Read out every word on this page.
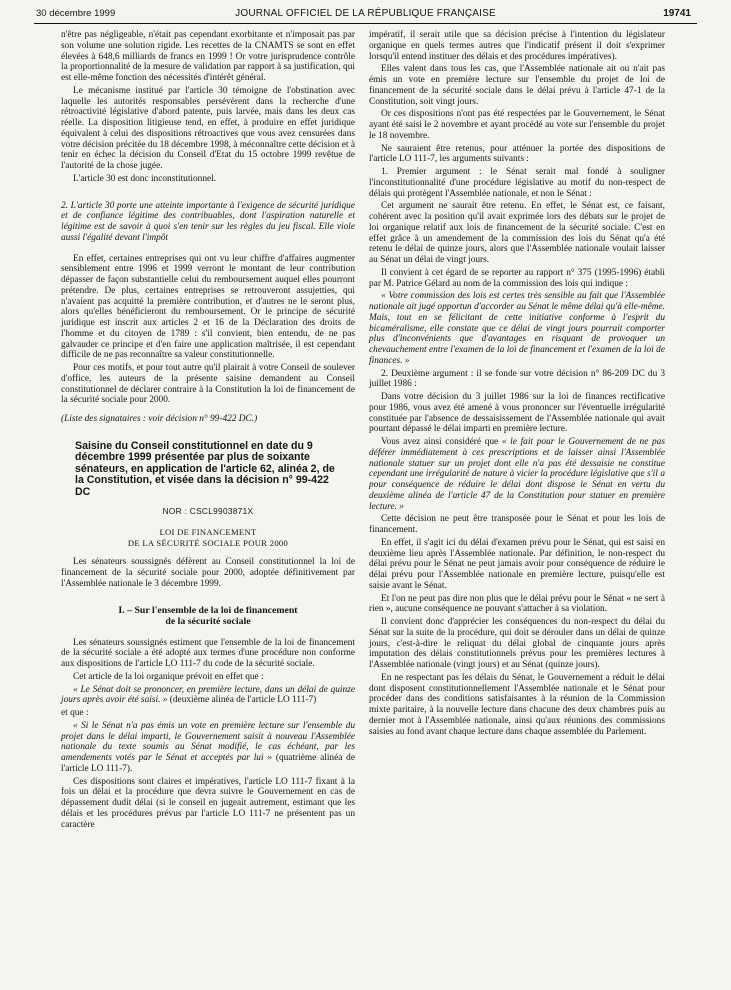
30 décembre 1999	JOURNAL OFFICIEL DE LA RÉPUBLIQUE FRANÇAISE	19741

n'être pas négligeable, n'était pas cependant exorbitante et n'imposait pas par son volume une solution rigide. Les recettes de la CNAMTS se sont en effet élevées à 648,6 milliards de francs en 1999 ! Or votre jurisprudence contrôle la proportionnalité de la mesure de validation par rapport à sa justification, qui est elle-même fonction des nécessités d'intérêt général.

Le mécanisme institué par l'article 30 témoigne de l'obstination avec laquelle les autorités responsables persévèrent dans la recherche d'une rétroactivité législative d'abord patente, puis larvée, mais dans les deux cas réelle. La disposition litigieuse tend, en effet, à produire en effet juridique équivalent à celui des dispositions rétroactives que vous avez censurées dans votre décision précitée du 18 décembre 1998, à méconnaître cette décision et à tenir en échec la décision du Conseil d'Etat du 15 octobre 1999 revêtue de l'autorité de la chose jugée.

L'article 30 est donc inconstitutionnel.

2. L'article 30 porte une atteinte importante à l'exigence de sécurité juridique et de confiance légitime des contribuables, dont l'aspiration naturelle et légitime est de savoir à quoi s'en tenir sur les règles du jeu fiscal. Elle viole aussi l'égalité devant l'impôt

En effet, certaines entreprises qui ont vu leur chiffre d'affaires augmenter sensiblement entre 1996 et 1999 verront le montant de leur contribution dépasser de façon substantielle celui du remboursement auquel elles pourront prétendre. De plus, certaines entreprises se retrouveront assujetties, qui n'avaient pas acquitté la première contribution, et d'autres ne le seront plus, alors qu'elles bénéficieront du remboursement. Or le principe de sécurité juridique est inscrit aux articles 2 et 16 de la Déclaration des droits de l'homme et du citoyen de 1789 : s'il convient, bien entendu, de ne pas galvauder ce principe et d'en faire une application maîtrisée, il est cependant difficile de ne pas reconnaître sa valeur constitutionnelle.

Pour ces motifs, et pour tout autre qu'il plairait à votre Conseil de soulever d'office, les auteurs de la présente saisine demandent au Conseil constitutionnel de déclarer contraire à la Constitution la loi de financement de la sécurité sociale pour 2000.

(Liste des signataires : voir décision n° 99-422 DC.)

Saisine du Conseil constitutionnel en date du 9 décembre 1999 présentée par plus de soixante sénateurs, en application de l'article 62, alinéa 2, de la Constitution, et visée dans la décision n° 99-422 DC
NOR : CSCL9903871X
LOI DE FINANCEMENT
DE LA SÉCURITÉ SOCIALE POUR 2000

Les sénateurs soussignés défèrent au Conseil constitutionnel la loi de financement de la sécurité sociale pour 2000, adoptée définitivement par l'Assemblée nationale le 3 décembre 1999.

I. – Sur l'ensemble de la loi de financement
de la sécurité sociale

Les sénateurs soussignés estiment que l'ensemble de la loi de financement de la sécurité sociale a été adopté aux termes d'une procédure non conforme aux dispositions de l'article LO 111-7 du code de la sécurité sociale.

Cet article de la loi organique prévoit en effet que :

« Le Sénat doit se prononcer, en première lecture, dans un délai de quinze jours après avoir été saisi. » (deuxième alinéa de l'article LO 111-7)

et que :

« Si le Sénat n'a pas émis un vote en première lecture sur l'ensemble du projet dans le délai imparti, le Gouvernement saisit à nouveau l'Assemblée nationale du texte soumis au Sénat modifié, le cas échéant, par les amendements votés par le Sénat et acceptés par lui » (quatrième alinéa de l'article LO 111-7).

Ces dispositions sont claires et impératives, l'article LO 111-7 fixant à la fois un délai et la procédure que devra suivre le Gouvernement en cas de dépassement dudit délai (si le conseil en jugeait autrement, estimant que les délais et les procédures prévus par l'article LO 111-7 ne présentent pas un caractère

impératif, il serait utile que sa décision précise à l'intention du législateur organique en quels termes autres que l'indicatif présent il doit s'exprimer lorsqu'il entend instituer des délais et des procédures impératives).

Elles valent dans tous les cas, que l'Assemblée nationale ait ou n'ait pas émis un vote en première lecture sur l'ensemble du projet de loi de financement de la sécurité sociale dans le délai prévu à l'article 47-1 de la Constitution, soit vingt jours.

Or ces dispositions n'ont pas été respectées par le Gouvernement, le Sénat ayant été saisi le 2 novembre et ayant procédé au vote sur l'ensemble du projet le 18 novembre.

Ne sauraient être retenus, pour atténuer la portée des dispositions de l'article LO 111-7, les arguments suivants :

1. Premier argument : le Sénat serait mal fondé à souligner l'inconstitutionnalité d'une procédure législative au motif du non-respect de délais qui protègent l'Assemblée nationale, et non le Sénat :

Cet argument ne saurait être retenu. En effet, le Sénat est, ce faisant, cohérent avec la position qu'il avait exprimée lors des débats sur le projet de loi organique relatif aux lois de financement de la sécurité sociale. C'est en effet grâce à un amendement de la commission des lois du Sénat qu'a été retenu le délai de quinze jours, alors que l'Assemblée nationale voulait laisser au Sénat un délai de vingt jours.

Il convient à cet égard de se reporter au rapport n° 375 (1995-1996) établi par M. Patrice Gélard au nom de la commission des lois qui indique :

« Votre commission des lois est certes très sensible au fait que l'Assemblée nationale ait jugé opportun d'accorder au Sénat le même délai qu'à elle-même. Mais, tout en se félicitant de cette initiative conforme à l'esprit du bicaméralisme, elle constate que ce délai de vingt jours pourrait comporter plus d'inconvénients que d'avantages en risquant de provoquer un chevauchement entre l'examen de la loi de financement et l'examen de la loi de finances. »

2. Deuxième argument : il se fonde sur votre décision n° 86-209 DC du 3 juillet 1986 :

Dans votre décision du 3 juillet 1986 sur la loi de finances rectificative pour 1986, vous avez été amené à vous prononcer sur l'éventuelle irrégularité constituée par l'absence de dessaisissement de l'Assemblée nationale qui avait pourtant dépassé le délai imparti en première lecture.

Vous avez ainsi considéré que « le fait pour le Gouvernement de ne pas déférer immédiatement à ces prescriptions et de laisser ainsi l'Assemblée nationale statuer sur un projet dont elle n'a pas été dessaisie ne constitue cependant une irrégularité de nature à vicier la procédure législative que s'il a pour conséquence de réduire le délai dont dispose le Sénat en vertu du deuxième alinéa de l'article 47 de la Constitution pour statuer en première lecture. »

Cette décision ne peut être transposée pour le Sénat et pour les lois de financement.

En effet, il s'agit ici du délai d'examen prévu pour le Sénat, qui est saisi en deuxième lieu après l'Assemblée nationale. Par définition, le non-respect du délai prévu pour le Sénat ne peut jamais avoir pour conséquence de réduire le délai prévu pour l'Assemblée nationale en première lecture, puisqu'elle est saisie avant le Sénat.

Et l'on ne peut pas dire non plus que le délai prévu pour le Sénat « ne sert à rien », aucune conséquence ne pouvant s'attacher à sa violation.

Il convient donc d'apprécier les conséquences du non-respect du délai du Sénat sur la suite de la procédure, qui doit se dérouler dans un délai de quinze jours, c'est-à-dire le reliquat du délai global de cinquante jours après imputation des délais constitutionnels prévus pour les premières lectures à l'Assemblée nationale (vingt jours) et au Sénat (quinze jours).

En ne respectant pas les délais du Sénat, le Gouvernement a réduit le délai dont disposent constitutionnellement l'Assemblée nationale et le Sénat pour procéder dans des conditions satisfaisantes à la réunion de la Commission mixte paritaire, à la nouvelle lecture dans chacune des deux chambres puis au dernier mot à l'Assemblée nationale, ainsi qu'aux réunions des commissions saisies au fond avant chaque lecture dans chaque assemblée du Parlement.
